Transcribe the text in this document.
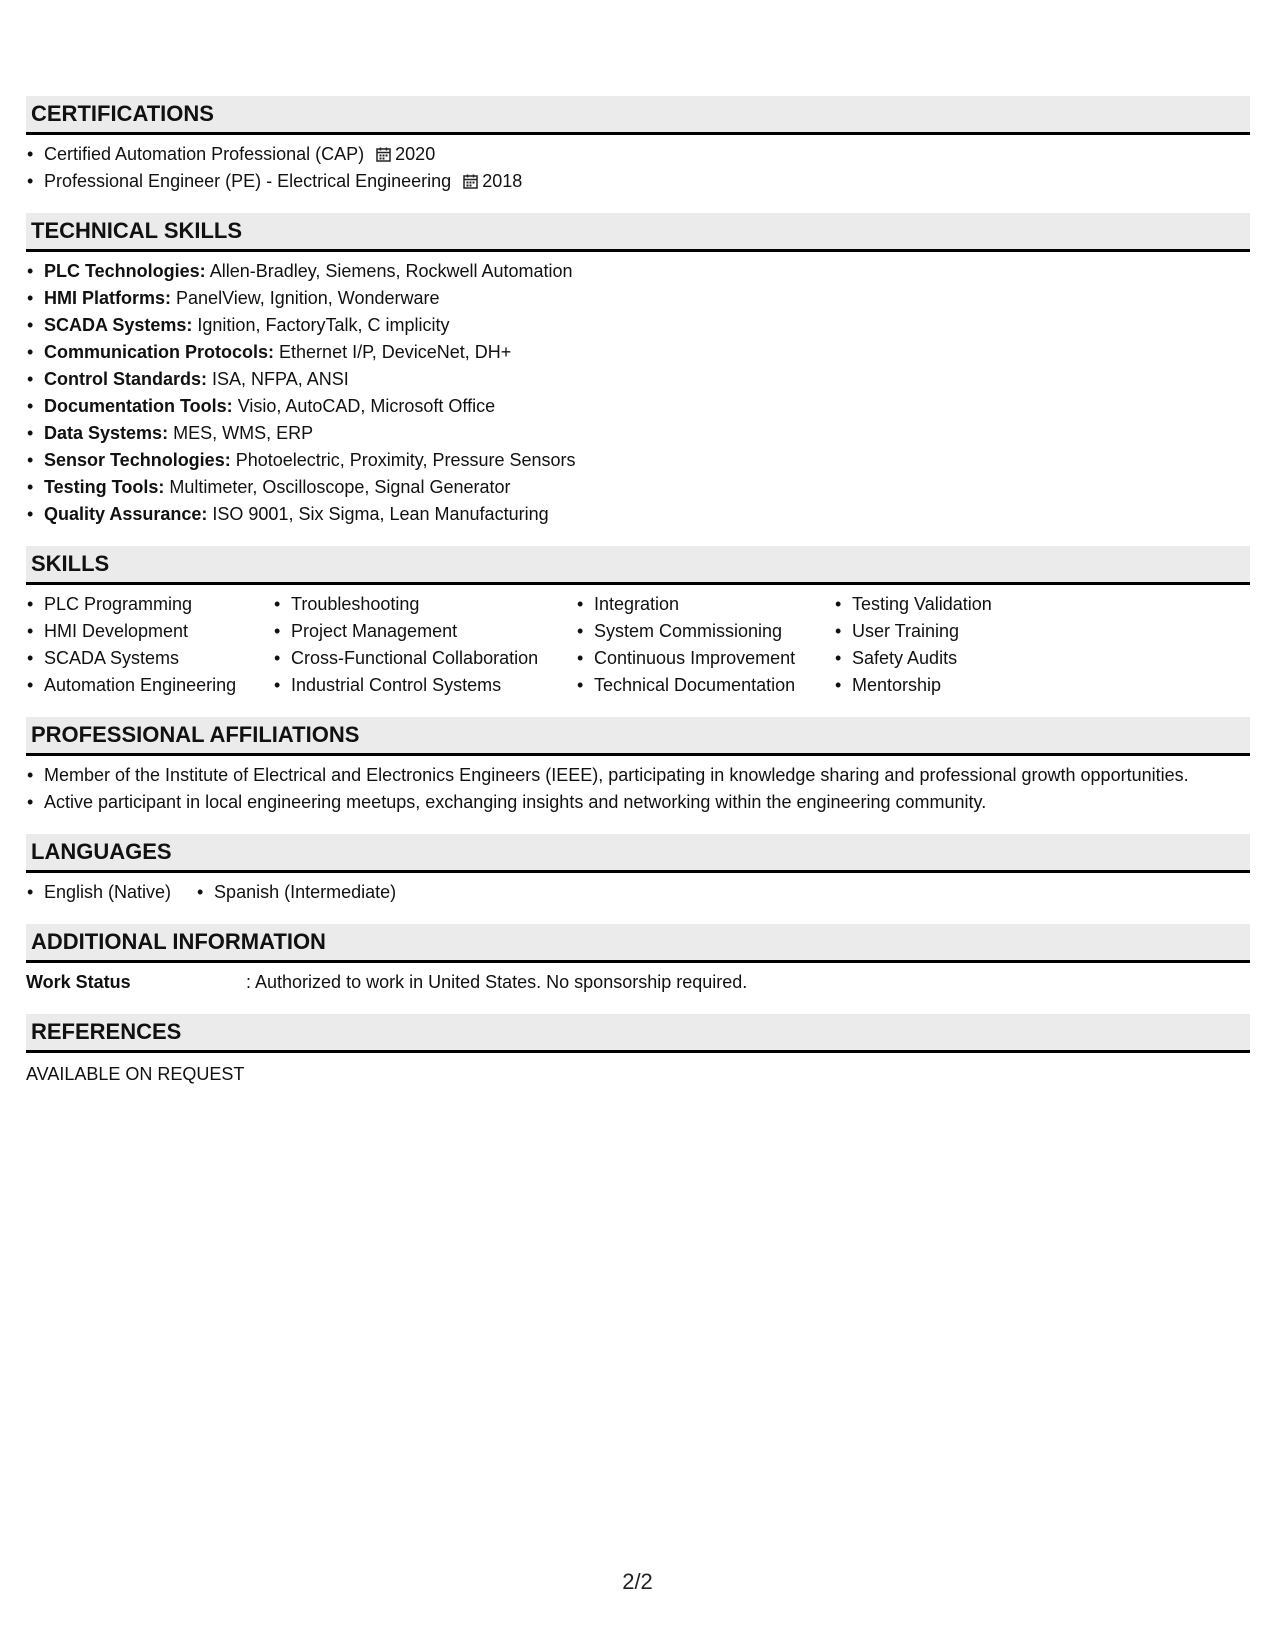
CERTIFICATIONS
• Certified Automation Professional (CAP) 2020
• Professional Engineer (PE) - Electrical Engineering 2018
TECHNICAL SKILLS
• PLC Technologies: Allen-Bradley, Siemens, Rockwell Automation
• HMI Platforms: PanelView, Ignition, Wonderware
• SCADA Systems: Ignition, FactoryTalk, C implicity
• Communication Protocols: Ethernet I/P, DeviceNet, DH+
• Control Standards: ISA, NFPA, ANSI
• Documentation Tools: Visio, AutoCAD, Microsoft Office
• Data Systems: MES, WMS, ERP
• Sensor Technologies: Photoelectric, Proximity, Pressure Sensors
• Testing Tools: Multimeter, Oscilloscope, Signal Generator
• Quality Assurance: ISO 9001, Six Sigma, Lean Manufacturing
SKILLS
• PLC Programming
• HMI Development
• SCADA Systems
• Automation Engineering
• Troubleshooting
• Project Management
• Cross-Functional Collaboration
• Industrial Control Systems
• Integration
• System Commissioning
• Continuous Improvement
• Technical Documentation
• Testing Validation
• User Training
• Safety Audits
• Mentorship
PROFESSIONAL AFFILIATIONS
• Member of the Institute of Electrical and Electronics Engineers (IEEE), participating in knowledge sharing and professional growth opportunities.
• Active participant in local engineering meetups, exchanging insights and networking within the engineering community.
LANGUAGES
• English (Native)
•	Spanish (Intermediate)
ADDITIONAL INFORMATION
Work Status	: Authorized to work in United States. No sponsorship required.
REFERENCES
AVAILABLE ON REQUEST
2/2
